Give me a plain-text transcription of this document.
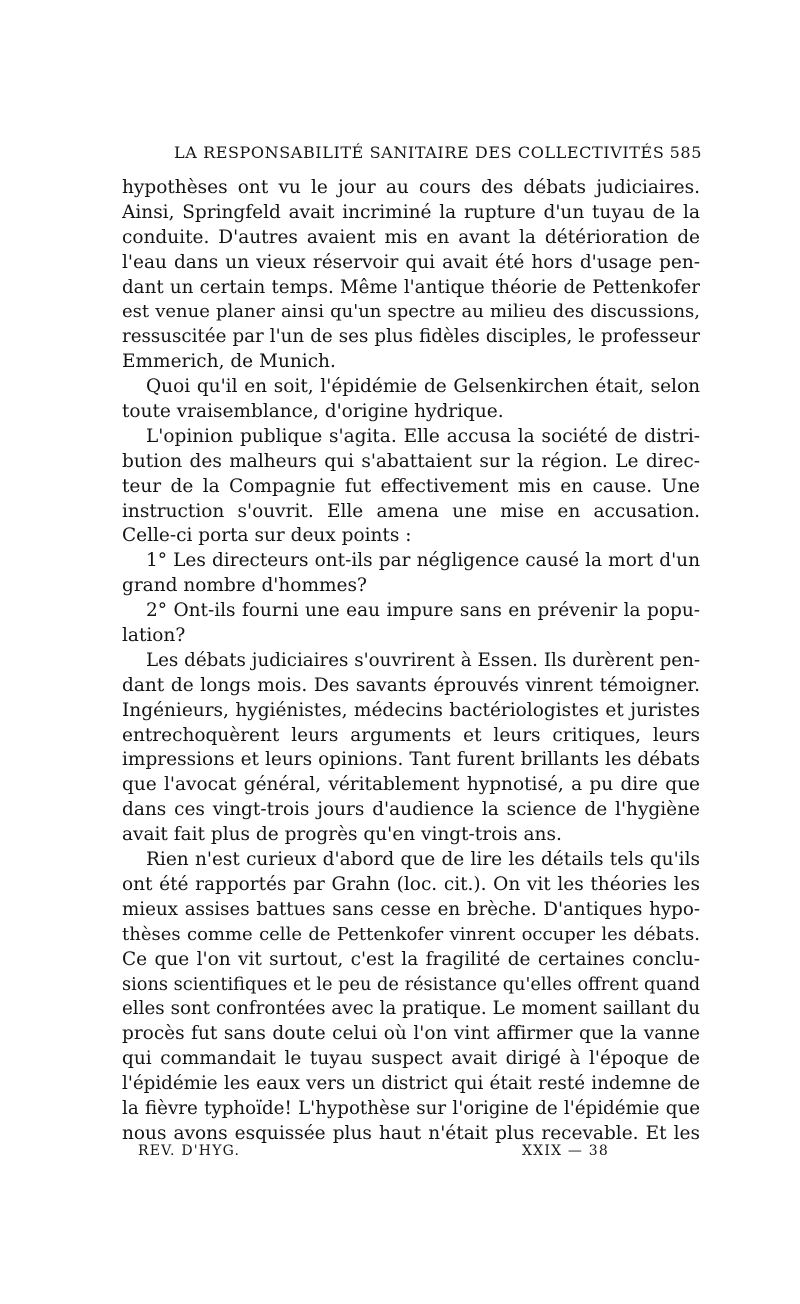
LA RESPONSABILITÉ SANITAIRE DES COLLECTIVITÉS 585
hypothèses ont vu le jour au cours des débats judiciaires.
Ainsi, Springfeld avait incriminé la rupture d'un tuyau de la
conduite. D'autres avaient mis en avant la détérioration de
l'eau dans un vieux réservoir qui avait été hors d'usage pen-
dant un certain temps. Même l'antique théorie de Pettenkofer
est venue planer ainsi qu'un spectre au milieu des discussions,
ressuscitée par l'un de ses plus fidèles disciples, le professeur
Emmerich, de Munich.
Quoi qu'il en soit, l'épidémie de Gelsenkirchen était, selon
toute vraisemblance, d'origine hydrique.
L'opinion publique s'agita. Elle accusa la société de distri-
bution des malheurs qui s'abattaient sur la région. Le direc-
teur de la Compagnie fut effectivement mis en cause. Une
instruction s'ouvrit. Elle amena une mise en accusation.
Celle-ci porta sur deux points :
1° Les directeurs ont-ils par négligence causé la mort d'un
grand nombre d'hommes?
2° Ont-ils fourni une eau impure sans en prévenir la popu-
lation?
Les débats judiciaires s'ouvrirent à Essen. Ils durèrent pen-
dant de longs mois. Des savants éprouvés vinrent témoigner.
Ingénieurs, hygiénistes, médecins bactériologistes et juristes
entrechoquèrent leurs arguments et leurs critiques, leurs
impressions et leurs opinions. Tant furent brillants les débats
que l'avocat général, véritablement hypnotisé, a pu dire que
dans ces vingt-trois jours d'audience la science de l'hygiène
avait fait plus de progrès qu'en vingt-trois ans.
Rien n'est curieux d'abord que de lire les détails tels qu'ils
ont été rapportés par Grahn (loc. cit.). On vit les théories les
mieux assises battues sans cesse en brèche. D'antiques hypo-
thèses comme celle de Pettenkofer vinrent occuper les débats.
Ce que l'on vit surtout, c'est la fragilité de certaines conclu-
sions scientifiques et le peu de résistance qu'elles offrent quand
elles sont confrontées avec la pratique. Le moment saillant du
procès fut sans doute celui où l'on vint affirmer que la vanne
qui commandait le tuyau suspect avait dirigé à l'époque de
l'épidémie les eaux vers un district qui était resté indemne de
la fièvre typhoïde! L'hypothèse sur l'origine de l'épidémie que
nous avons esquissée plus haut n'était plus recevable. Et les
REV. D'HYG.	XXIX — 38
